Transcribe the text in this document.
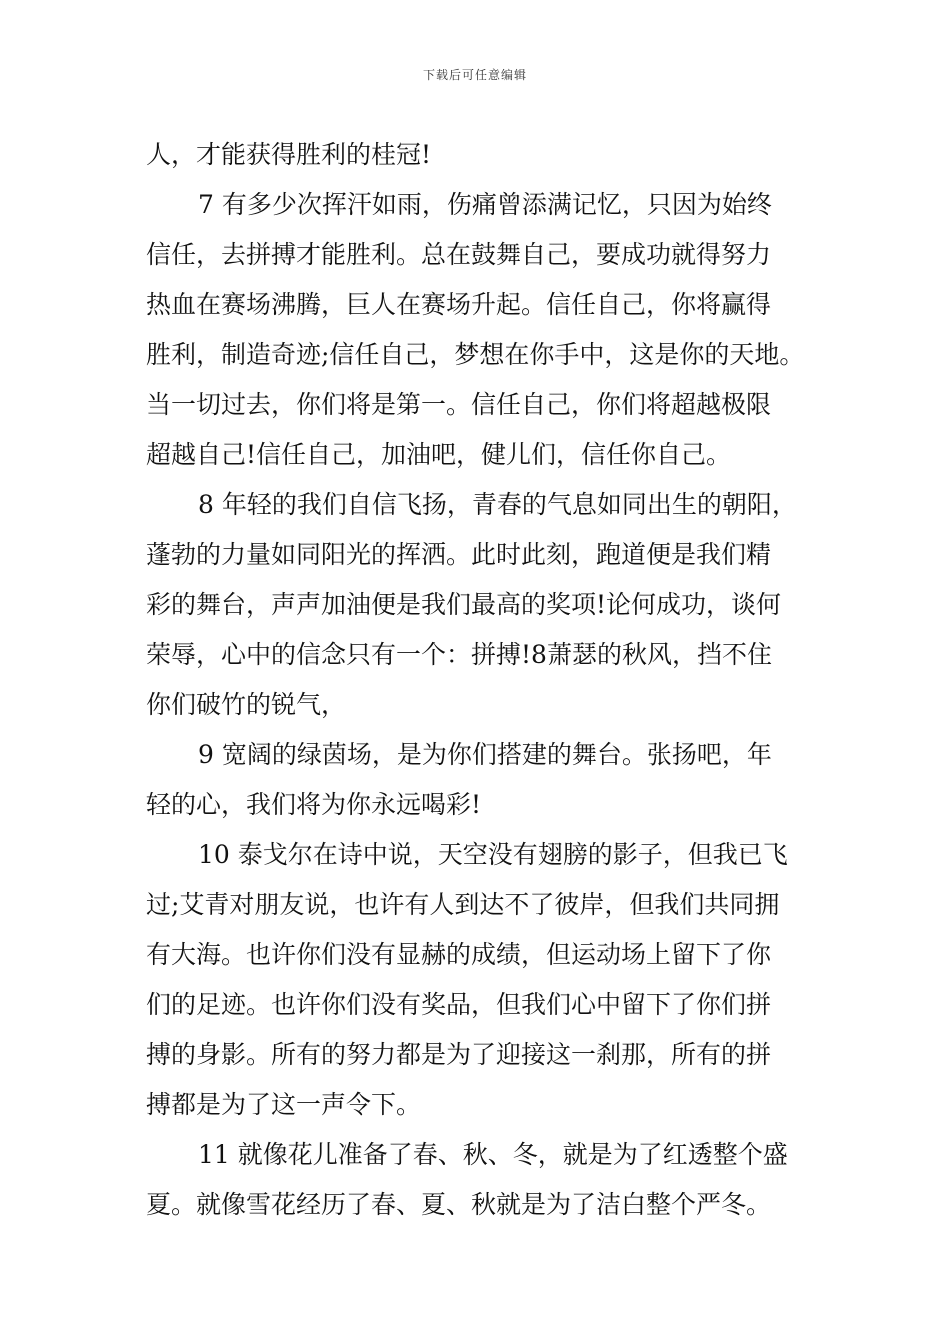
下载后可任意编辑
人，才能获得胜利的桂冠!
7 有多少次挥汗如雨，伤痛曾添满记忆，只因为始终
信任，去拼搏才能胜利。总在鼓舞自己，要成功就得努力
热血在赛场沸腾，巨人在赛场升起。信任自己，你将赢得
胜利，制造奇迹;信任自己，梦想在你手中，这是你的天地。
当一切过去，你们将是第一。信任自己，你们将超越极限
超越自己!信任自己，加油吧，健儿们，信任你自己。
8 年轻的我们自信飞扬，青春的气息如同出生的朝阳，
蓬勃的力量如同阳光的挥洒。此时此刻，跑道便是我们精
彩的舞台，声声加油便是我们最高的奖项!论何成功，谈何
荣辱，心中的信念只有一个：拼搏!8萧瑟的秋风，挡不住
你们破竹的锐气，
9 宽阔的绿茵场，是为你们搭建的舞台。张扬吧，年
轻的心，我们将为你永远喝彩!
10 泰戈尔在诗中说，天空没有翅膀的影子，但我已飞
过;艾青对朋友说，也许有人到达不了彼岸，但我们共同拥
有大海。也许你们没有显赫的成绩，但运动场上留下了你
们的足迹。也许你们没有奖品，但我们心中留下了你们拼
搏的身影。所有的努力都是为了迎接这一刹那，所有的拼
搏都是为了这一声令下。
11 就像花儿准备了春、秋、冬，就是为了红透整个盛
夏。就像雪花经历了春、夏、秋就是为了洁白整个严冬。
